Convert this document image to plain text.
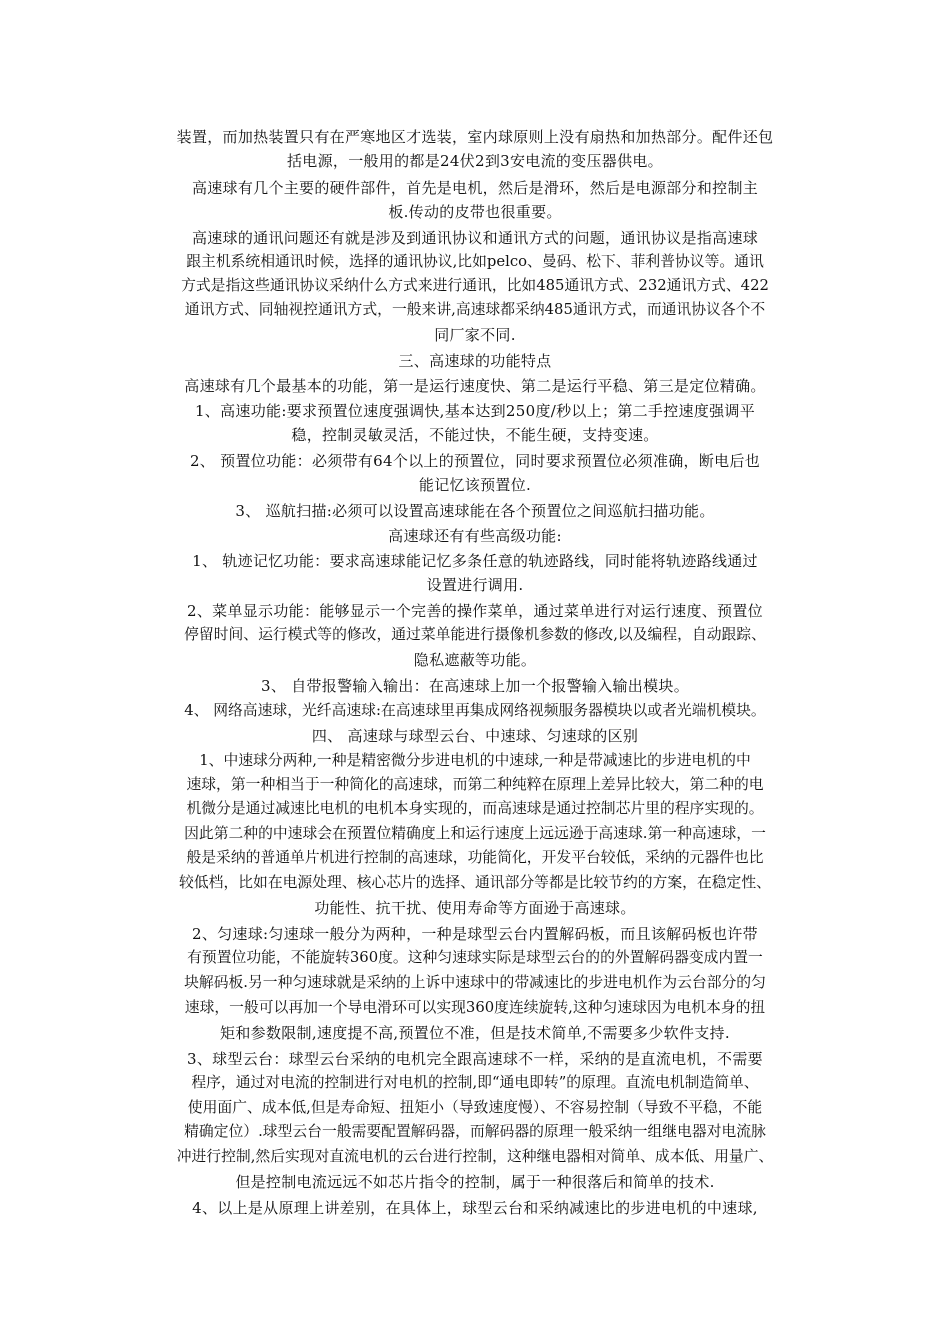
装置，而加热装置只有在严寒地区才选装，室内球原则上没有扇热和加热部分。配件还包
括电源，一般用的都是24伏2到3安电流的变压器供电。
高速球有几个主要的硬件部件，首先是电机，然后是滑环，然后是电源部分和控制主
板.传动的皮带也很重要。
高速球的通讯问题还有就是涉及到通讯协议和通讯方式的问题，通讯协议是指高速球
跟主机系统相通讯时候，选择的通讯协议,比如pelco、曼码、松下、菲利普协议等。通讯
方式是指这些通讯协议采纳什么方式来进行通讯，比如485通讯方式、232通讯方式、422
通讯方式、同轴视控通讯方式，一般来讲,高速球都采纳485通讯方式，而通讯协议各个不
同厂家不同.
三、高速球的功能特点
高速球有几个最基本的功能，第一是运行速度快、第二是运行平稳、第三是定位精确。
1、高速功能:要求预置位速度强调快,基本达到250度/秒以上；第二手控速度强调平
稳，控制灵敏灵活，不能过快，不能生硬，支持变速。
2、 预置位功能：必须带有64个以上的预置位，同时要求预置位必须准确，断电后也
能记忆该预置位.
3、 巡航扫描:必须可以设置高速球能在各个预置位之间巡航扫描功能。
高速球还有有些高级功能:
1、 轨迹记忆功能：要求高速球能记忆多条任意的轨迹路线，同时能将轨迹路线通过
设置进行调用.
2、菜单显示功能：能够显示一个完善的操作菜单，通过菜单进行对运行速度、预置位
停留时间、运行模式等的修改，通过菜单能进行摄像机参数的修改,以及编程，自动跟踪、
隐私遮蔽等功能。
3、 自带报警输入输出：在高速球上加一个报警输入输出模块。
4、 网络高速球，光纤高速球:在高速球里再集成网络视频服务器模块以或者光端机模块。
四、 高速球与球型云台、中速球、匀速球的区别
1、中速球分两种,一种是精密微分步进电机的中速球,一种是带减速比的步进电机的中
速球，第一种相当于一种简化的高速球，而第二种纯粹在原理上差异比较大，第二种的电
机微分是通过减速比电机的电机本身实现的，而高速球是通过控制芯片里的程序实现的。
因此第二种的中速球会在预置位精确度上和运行速度上远远逊于高速球.第一种高速球，一
般是采纳的普通单片机进行控制的高速球，功能简化，开发平台较低，采纳的元器件也比
较低档，比如在电源处理、核心芯片的选择、通讯部分等都是比较节约的方案，在稳定性、
功能性、抗干扰、使用寿命等方面逊于高速球。
2、匀速球:匀速球一般分为两种，一种是球型云台内置解码板，而且该解码板也许带
有预置位功能，不能旋转360度。这种匀速球实际是球型云台的的外置解码器变成内置一
块解码板.另一种匀速球就是采纳的上诉中速球中的带减速比的步进电机作为云台部分的匀
速球，一般可以再加一个导电滑环可以实现360度连续旋转,这种匀速球因为电机本身的扭
矩和参数限制,速度提不高,预置位不准，但是技术简单,不需要多少软件支持.
3、球型云台：球型云台采纳的电机完全跟高速球不一样，采纳的是直流电机，不需要
程序，通过对电流的控制进行对电机的控制,即“通电即转”的原理。直流电机制造简单、
使用面广、成本低,但是寿命短、扭矩小（导致速度慢）、不容易控制（导致不平稳，不能
精确定位）.球型云台一般需要配置解码器，而解码器的原理一般采纳一组继电器对电流脉
冲进行控制,然后实现对直流电机的云台进行控制，这种继电器相对简单、成本低、用量广、
但是控制电流远远不如芯片指令的控制，属于一种很落后和简单的技术.
4、以上是从原理上讲差别，在具体上，球型云台和采纳减速比的步进电机的中速球,
